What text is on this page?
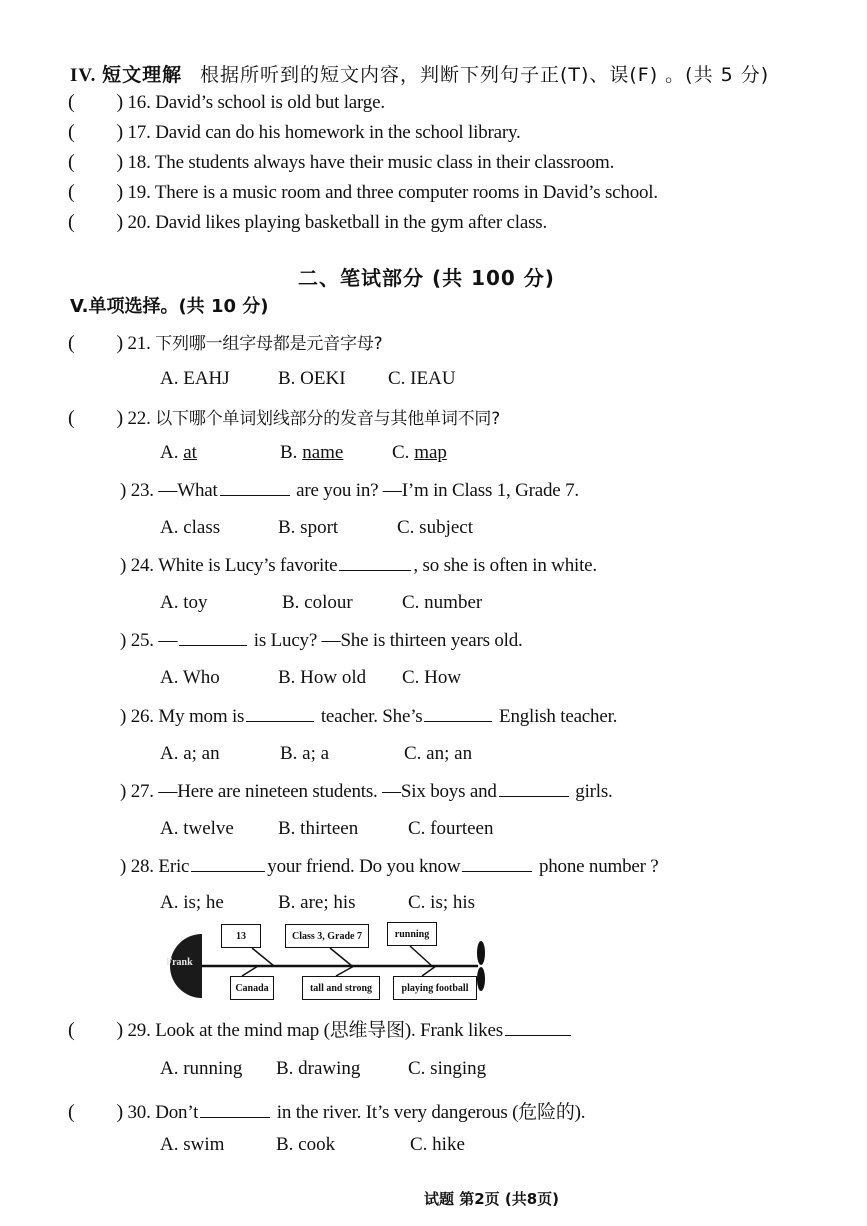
IV. 短文理解 根据所听到的短文内容，判断下列句子正(T)、误(F) 。(共 5 分)
( ) 16. David’s school is old but large.
( ) 17. David can do his homework in the school library.
( ) 18. The students always have their music class in their classroom.
( ) 19. There is a music room and three computer rooms in David’s school.
( ) 20. David likes playing basketball in the gym after class.
二、笔试部分 (共 100 分)
V.单项选择。(共 10 分)
( ) 21. 下列哪一组字母都是元音字母?
A. EAHJ	B. OEKI C. IEAU
( ) 22. 以下哪个单词划线部分的发音与其他单词不同?
A. at	B. name	C. map
) 23. —What	are you in? —I’m in Class 1, Grade 7.
A. class	B. sport	C. subject
) 24. White is Lucy’s favorite	, so she is often in white.
A. toy	B. colour	C. number
) 25. —	is Lucy? —She is thirteen years old.
A. Who	B. How old C. How
) 26. My mom is	teacher. She’s	English teacher.
A. a; an	B. a; a	C. an; an
) 27. —Here are nineteen students. —Six boys and	girls.
A. twelve B. thirteen	C. fourteen
) 28. Eric	your friend. Do you know	phone number ?
A. is; he	B. are; his	C. is; his
Frank
13	Class 3, Grade 7	running
Canada	tall and strong	playing football
( ) 29. Look at the mind map (思维导图). Frank likes
A. running B. drawing	C. singing
( ) 30. Don’t	in the river. It’s very dangerous (危险的).
A. swim	B. cook	C. hike
试题 第2页 (共8页)
